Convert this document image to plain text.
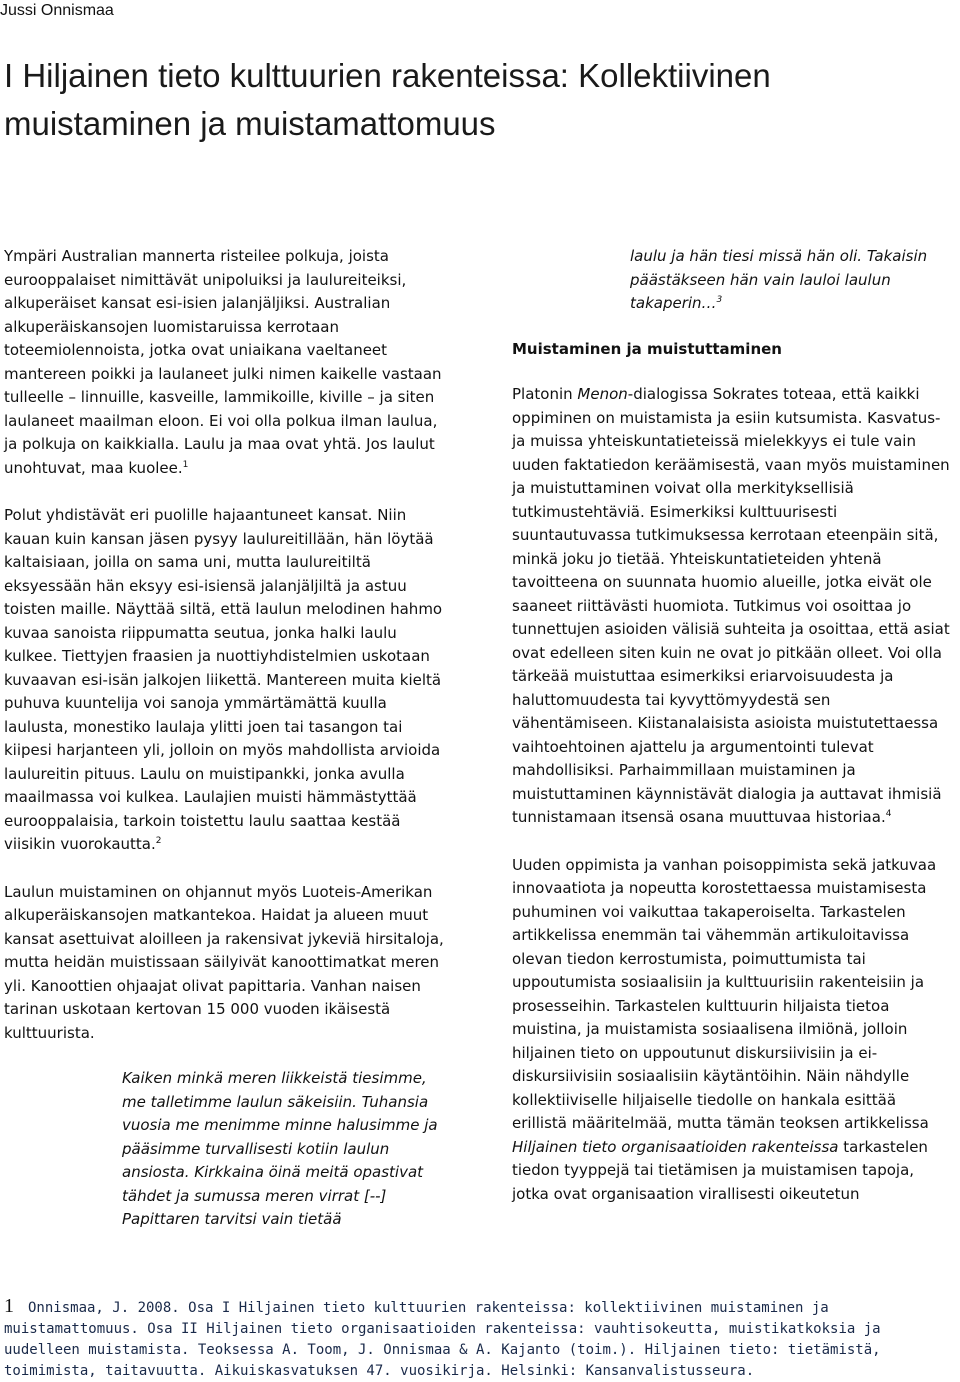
Jussi Onnismaa
I Hiljainen tieto kulttuurien rakenteissa: Kollektiivinen muistaminen ja muistamattomuus

Ympäri Australian mannerta risteilee polkuja, joista eurooppalaiset nimittävät unipoluiksi ja laulureiteiksi, alkuperäiset kansat esi-isien jalanjäljiksi. Australian alkuperäiskansojen luomistaruissa kerrotaan toteemiolennoista, jotka ovat uniaikana vaeltaneet mantereen poikki ja laulaneet julki nimen kaikelle vastaan tulleelle – linnuille, kasveille, lammikoille, kiville – ja siten laulaneet maailman eloon. Ei voi olla polkua ilman laulua, ja polkuja on kaikkialla. Laulu ja maa ovat yhtä. Jos laulut unohtuvat, maa kuolee.$^1$

Polut yhdistävät eri puolille hajaantuneet kansat. Niin kauan kuin kansan jäsen pysyy laulureitillään, hän löytää kaltaisiaan, joilla on sama uni, mutta laulureitiltä eksyessään hän eksyy esi-isiensä jalanjäljiltä ja astuu toisten maille. Näyttää siltä, että laulun melodinen hahmo kuvaa sanoista riippumatta seutua, jonka halki laulu kulkee. Tiettyjen fraasien ja nuottiyhdistelmien uskotaan kuvaavan esi-isän jalkojen liikettä. Mantereen muita kieltä puhuva kuuntelija voi sanoja ymmärtämättä kuulla laulusta, monestiko laulaja ylitti joen tai tasangon tai kiipesi harjanteen yli, jolloin on myös mahdollista arvioida laulureitin pituus. Laulu on muistipankki, jonka avulla maailmassa voi kulkea. Laulajien muisti hämmästyttää eurooppalaisia, tarkoin toistettu laulu saattaa kestää viisikin vuorokautta.$^2$

Laulun muistaminen on ohjannut myös Luoteis-Amerikan alkuperäiskansojen matkantekoa. Haidat ja alueen muut kansat asettuivat aloilleen ja rakensivat jykeviä hirsitaloja, mutta heidän muistissaan säilyivät kanoottimatkat meren yli. Kanoottien ohjaajat olivat papittaria. Vanhan naisen tarinan uskotaan kertovan 15 000 vuoden ikäisestä kulttuurista.

Kaiken minkä meren liikkeistä tiesimme, me talletimme laulun säkeisiin. Tuhansia vuosia me menimme minne halusimme ja pääsimme turvallisesti kotiin laulun ansiosta. Kirkkaina öinä meitä opastivat tähdet ja sumussa meren virrat [--] Papittaren tarvitsi vain tietää

laulu ja hän tiesi missä hän oli. Takaisin päästäkseen hän vain lauloi laulun takaperin…$^3$

Muistaminen ja muistuttaminen

Platonin Menon-dialogissa Sokrates toteaa, että kaikki oppiminen on muistamista ja esiin kutsumista. Kasvatus- ja muissa yhteiskuntatieteissä mielekkyys ei tule vain uuden faktatiedon keräämisestä, vaan myös muistaminen ja muistuttaminen voivat olla merkityksellisiä tutkimustehtäviä. Esimerkiksi kulttuurisesti suuntautuvassa tutkimuksessa kerrotaan eteenpäin sitä, minkä joku jo tietää. Yhteiskuntatieteiden yhtenä tavoitteena on suunnata huomio alueille, jotka eivät ole saaneet riittävästi huomiota. Tutkimus voi osoittaa jo tunnettujen asioiden välisiä suhteita ja osoittaa, että asiat ovat edelleen siten kuin ne ovat jo pitkään olleet. Voi olla tärkeää muistuttaa esimerkiksi eriarvoisuudesta ja haluttomuudesta tai kyvyttömyydestä sen vähentämiseen. Kiistanalaisista asioista muistutettaessa vaihtoehtoinen ajattelu ja argumentointi tulevat mahdollisiksi. Parhaimmillaan muistaminen ja muistuttaminen käynnistävät dialogia ja auttavat ihmisiä tunnistamaan itsensä osana muuttuvaa historiaa.$^4$

Uuden oppimista ja vanhan poisoppimista sekä jatkuvaa innovaatiota ja nopeutta korostettaessa muistamisesta puhuminen voi vaikuttaa takaperoiselta. Tarkastelen artikkelissa enemmän tai vähemmän artikuloitavissa olevan tiedon kerrostumista, poimuttumista tai uppoutumista sosiaalisiin ja kulttuurisiin rakenteisiin ja prosesseihin. Tarkastelen kulttuurin hiljaista tietoa muistina, ja muistamista sosiaalisena ilmiönä, jolloin hiljainen tieto on uppoutunut diskursiivisiin ja ei-diskursiivisiin sosiaalisiin käytäntöihin. Näin nähdylle kollektiiviselle hiljaiselle tiedolle on hankala esittää erillistä määritelmää, mutta tämän teoksen artikkelissa Hiljainen tieto organisaatioiden rakenteissa tarkastelen tiedon tyyppejä tai tietämisen ja muistamisen tapoja, jotka ovat organisaation virallisesti oikeutetun

1 Onnismaa, J. 2008. Osa I Hiljainen tieto kulttuurien rakenteissa: kollektiivinen muistaminen ja muistamattomuus. Osa II Hiljainen tieto organisaatioiden rakenteissa: vauhtisokeutta, muistikatkoksia ja uudelleen muistamista. Teoksessa A. Toom, J. Onnismaa & A. Kajanto (toim.). Hiljainen tieto: tietämistä, toimimista, taitavuutta. Aikuiskasvatuksen 47. vuosikirja. Helsinki: Kansanvalistusseura.
